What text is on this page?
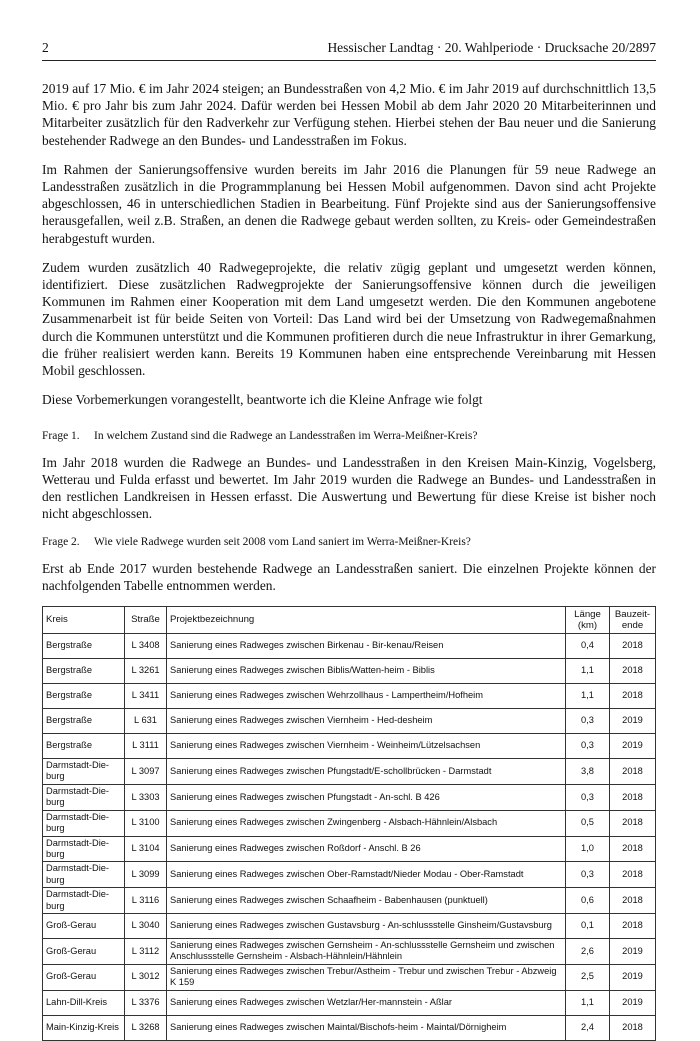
2	Hessischer Landtag · 20. Wahlperiode · Drucksache 20/2897

2019 auf 17 Mio. € im Jahr 2024 steigen; an Bundesstraßen von 4,2 Mio. € im Jahr 2019 auf durchschnittlich 13,5 Mio. € pro Jahr bis zum Jahr 2024. Dafür werden bei Hessen Mobil ab dem Jahr 2020 20 Mitarbeiterinnen und Mitarbeiter zusätzlich für den Radverkehr zur Verfügung stehen. Hierbei stehen der Bau neuer und die Sanierung bestehender Radwege an den Bundes- und Landesstraßen im Fokus.

Im Rahmen der Sanierungsoffensive wurden bereits im Jahr 2016 die Planungen für 59 neue Radwege an Landesstraßen zusätzlich in die Programmplanung bei Hessen Mobil aufgenommen. Davon sind acht Projekte abgeschlossen, 46 in unterschiedlichen Stadien in Bearbeitung. Fünf Projekte sind aus der Sanierungsoffensive herausgefallen, weil z.B. Straßen, an denen die Radwege gebaut werden sollten, zu Kreis- oder Gemeindestraßen herabgestuft wurden.

Zudem wurden zusätzlich 40 Radwegeprojekte, die relativ zügig geplant und umgesetzt werden können, identifiziert. Diese zusätzlichen Radwegprojekte der Sanierungsoffensive können durch die jeweiligen Kommunen im Rahmen einer Kooperation mit dem Land umgesetzt werden. Die den Kommunen angebotene Zusammenarbeit ist für beide Seiten von Vorteil: Das Land wird bei der Umsetzung von Radwegemaßnahmen durch die Kommunen unterstützt und die Kommunen profitieren durch die neue Infrastruktur in ihrer Gemarkung, die früher realisiert werden kann. Bereits 19 Kommunen haben eine entsprechende Vereinbarung mit Hessen Mobil geschlossen.

Diese Vorbemerkungen vorangestellt, beantworte ich die Kleine Anfrage wie folgt

Frage 1.	In welchem Zustand sind die Radwege an Landesstraßen im Werra-Meißner-Kreis?

Im Jahr 2018 wurden die Radwege an Bundes- und Landesstraßen in den Kreisen Main-Kinzig, Vogelsberg, Wetterau und Fulda erfasst und bewertet. Im Jahr 2019 wurden die Radwege an Bundes- und Landesstraßen in den restlichen Landkreisen in Hessen erfasst. Die Auswertung und Bewertung für diese Kreise ist bisher noch nicht abgeschlossen.

Frage 2.	Wie viele Radwege wurden seit 2008 vom Land saniert im Werra-Meißner-Kreis?

Erst ab Ende 2017 wurden bestehende Radwege an Landesstraßen saniert. Die einzelnen Projekte können der nachfolgenden Tabelle entnommen werden.

Kreis	Straße	Projektbezeichnung	Länge (km)	Bauzeit-ende
Bergstraße	L 3408	Sanierung eines Radweges zwischen Birkenau - Bir-kenau/Reisen	0,4	2018
Bergstraße	L 3261	Sanierung eines Radweges zwischen Biblis/Watten-heim - Biblis	1,1	2018
Bergstraße	L 3411	Sanierung eines Radweges zwischen Wehrzollhaus - Lampertheim/Hofheim	1,1	2018
Bergstraße	L 631	Sanierung eines Radweges zwischen Viernheim - Hed-desheim	0,3	2019
Bergstraße	L 3111	Sanierung eines Radweges zwischen Viernheim - Weinheim/Lützelsachsen	0,3	2019
Darmstadt-Die-burg	L 3097	Sanierung eines Radweges zwischen Pfungstadt/E-schollbrücken - Darmstadt	3,8	2018
Darmstadt-Die-burg	L 3303	Sanierung eines Radweges zwischen Pfungstadt - An-schl. B 426	0,3	2018
Darmstadt-Die-burg	L 3100	Sanierung eines Radweges zwischen Zwingenberg - Alsbach-Hähnlein/Alsbach	0,5	2018
Darmstadt-Die-burg	L 3104	Sanierung eines Radweges zwischen Roßdorf - Anschl. B 26	1,0	2018
Darmstadt-Die-burg	L 3099	Sanierung eines Radweges zwischen Ober-Ramstadt/Nieder Modau - Ober-Ramstadt	0,3	2018
Darmstadt-Die-burg	L 3116	Sanierung eines Radweges zwischen Schaafheim - Babenhausen (punktuell)	0,6	2018
Groß-Gerau	L 3040	Sanierung eines Radweges zwischen Gustavsburg - An-schlussstelle Ginsheim/Gustavsburg	0,1	2018
Groß-Gerau	L 3112	Sanierung eines Radweges zwischen Gernsheim - An-schlussstelle Gernsheim und zwischen Anschlussstelle Gernsheim - Alsbach-Hähnlein/Hähnlein	2,6	2019
Groß-Gerau	L 3012	Sanierung eines Radweges zwischen Trebur/Astheim - Trebur und zwischen Trebur - Abzweig K 159	2,5	2019
Lahn-Dill-Kreis	L 3376	Sanierung eines Radweges zwischen Wetzlar/Her-mannstein - Aßlar	1,1	2019
Main-Kinzig-Kreis	L 3268	Sanierung eines Radweges zwischen Maintal/Bischofs-heim - Maintal/Dörnigheim	2,4	2018
